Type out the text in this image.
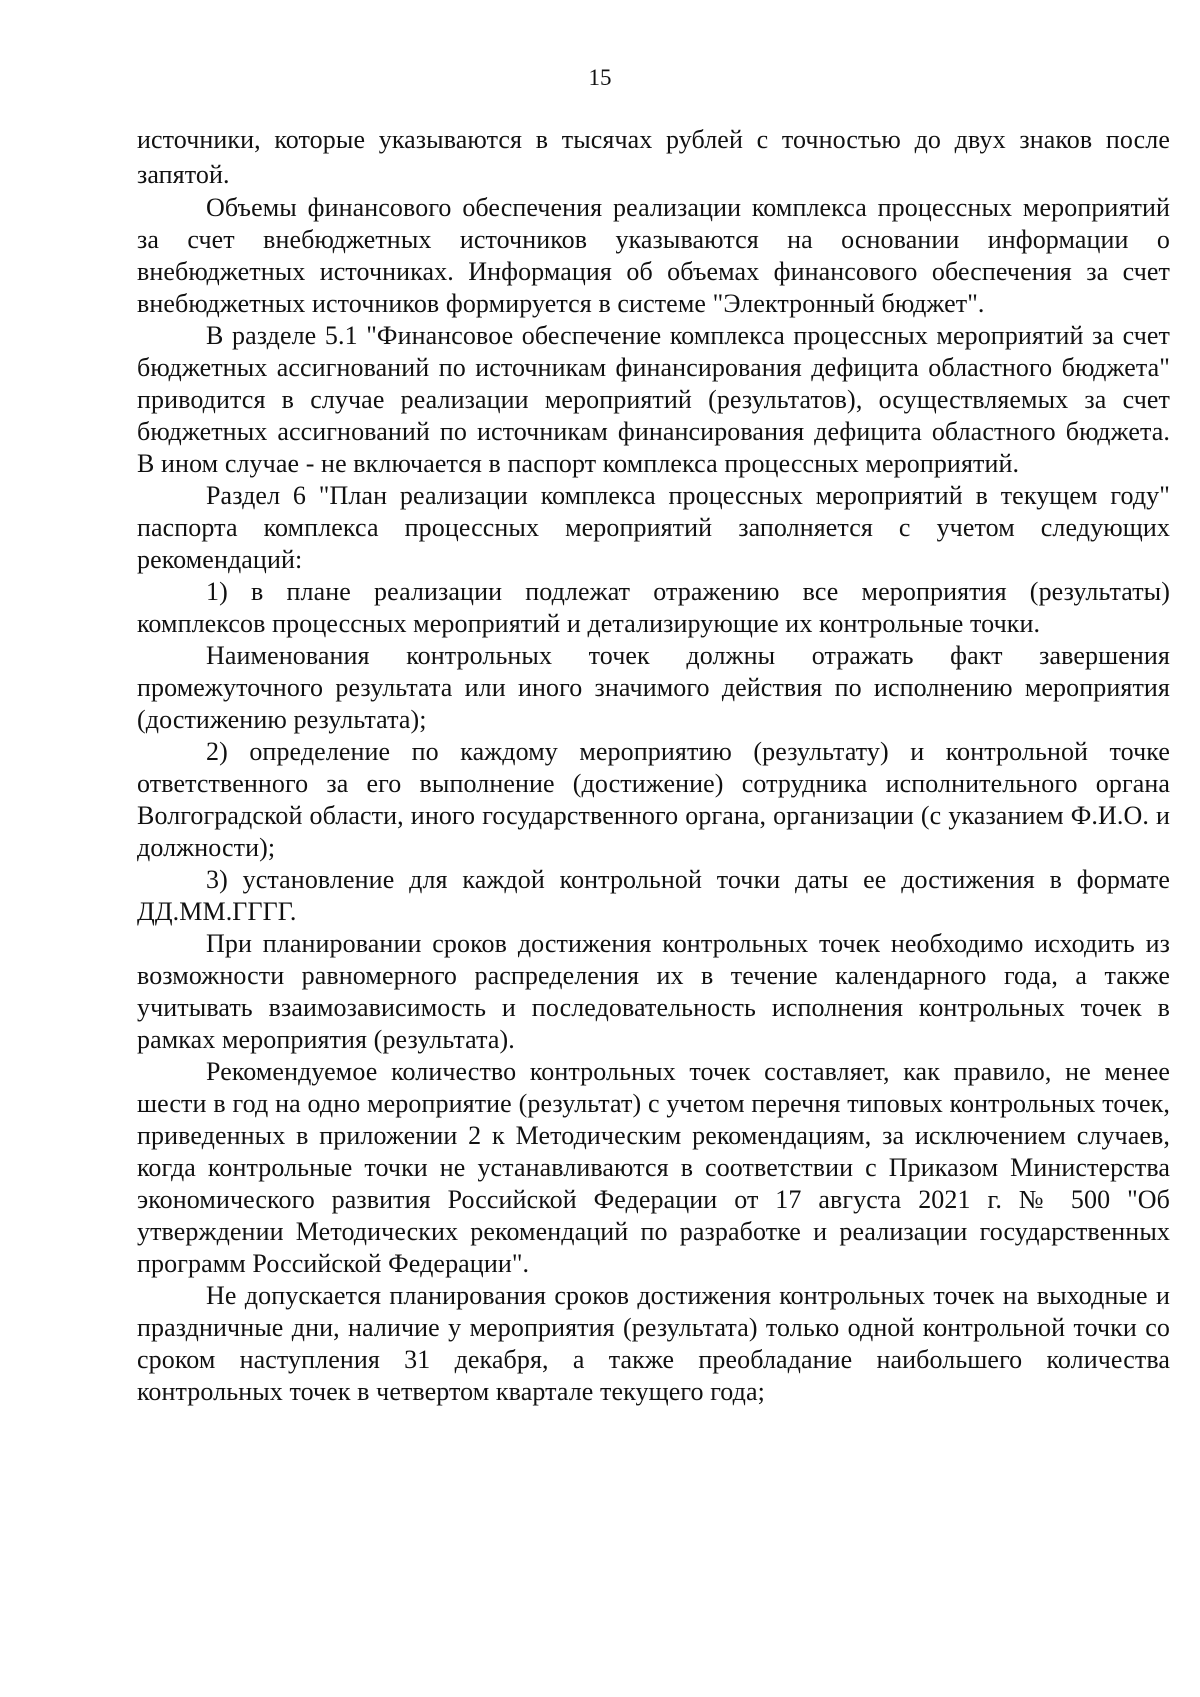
15

источники, которые указываются в тысячах рублей с точностью до двух знаков после запятой.

Объемы финансового обеспечения реализации комплекса процессных мероприятий за счет внебюджетных источников указываются на основании информации о внебюджетных источниках. Информация об объемах финансового обеспечения за счет внебюджетных источников формируется в системе "Электронный бюджет".

В разделе 5.1 "Финансовое обеспечение комплекса процессных мероприятий за счет бюджетных ассигнований по источникам финансирования дефицита областного бюджета" приводится в случае реализации мероприятий (результатов), осуществляемых за счет бюджетных ассигнований по источникам финансирования дефицита областного бюджета. В ином случае - не включается в паспорт комплекса процессных мероприятий.

Раздел 6 "План реализации комплекса процессных мероприятий в текущем году" паспорта комплекса процессных мероприятий заполняется с учетом следующих рекомендаций:

1) в плане реализации подлежат отражению все мероприятия (результаты) комплексов процессных мероприятий и детализирующие их контрольные точки.

Наименования контрольных точек должны отражать факт завершения промежуточного результата или иного значимого действия по исполнению мероприятия (достижению результата);

2) определение по каждому мероприятию (результату) и контрольной точке ответственного за его выполнение (достижение) сотрудника исполнительного органа Волгоградской области, иного государственного органа, организации (с указанием Ф.И.О. и должности);

3) установление для каждой контрольной точки даты ее достижения в формате ДД.ММ.ГГГГ.

При планировании сроков достижения контрольных точек необходимо исходить из возможности равномерного распределения их в течение календарного года, а также учитывать взаимозависимость и последовательность исполнения контрольных точек в рамках мероприятия (результата).

Рекомендуемое количество контрольных точек составляет, как правило, не менее шести в год на одно мероприятие (результат) с учетом перечня типовых контрольных точек, приведенных в приложении 2 к Методическим рекомендациям, за исключением случаев, когда контрольные точки не устанавливаются в соответствии с Приказом Министерства экономического развития Российской Федерации от 17 августа 2021 г. № 500 "Об утверждении Методических рекомендаций по разработке и реализации государственных программ Российской Федерации".

Не допускается планирования сроков достижения контрольных точек на выходные и праздничные дни, наличие у мероприятия (результата) только одной контрольной точки со сроком наступления 31 декабря, а также преобладание наибольшего количества контрольных точек в четвертом квартале текущего года;
